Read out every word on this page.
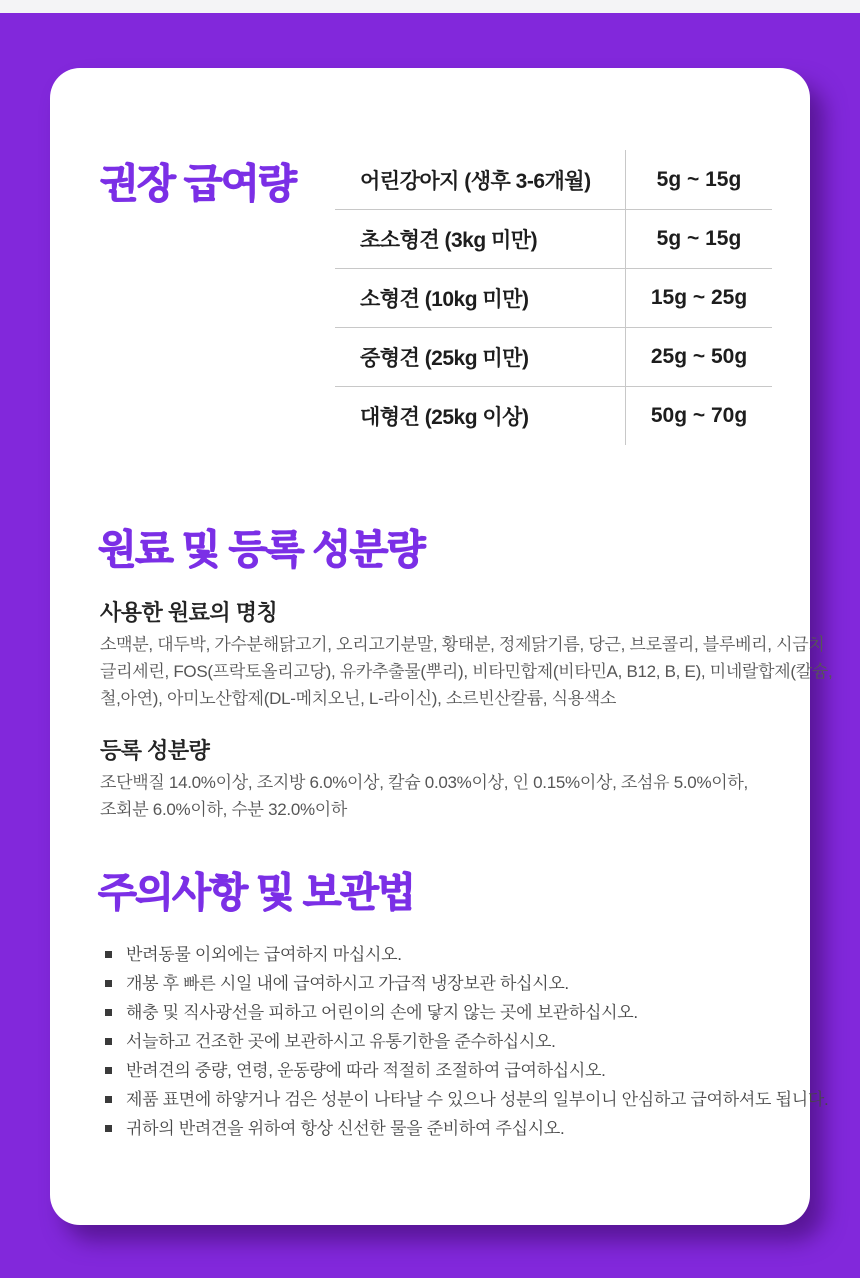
권장 급여량	어린강아지 (생후 3-6개월)	5g ~ 15g
초소형견 (3kg 미만)	5g ~ 15g
소형견 (10kg 미만)	15g ~ 25g
중형견 (25kg 미만)	25g ~ 50g
대형견 (25kg 이상)	50g ~ 70g
원료 및 등록 성분량
사용한 원료의 명칭
소맥분, 대두박, 가수분해닭고기, 오리고기분말, 황태분, 정제닭기름, 당근, 브로콜리, 블루베리, 시금치
글리세린, FOS(프락토올리고당), 유카추출물(뿌리), 비타민합제(비타민A, B12, B, E), 미네랄합제(칼슘,
철,아연), 아미노산합제(DL-메치오닌, L-라이신), 소르빈산칼륨, 식용색소
등록 성분량
조단백질 14.0%이상, 조지방 6.0%이상, 칼슘 0.03%이상, 인 0.15%이상, 조섬유 5.0%이하,
조회분 6.0%이하, 수분 32.0%이하
주의사항 및 보관법
반려동물 이외에는 급여하지 마십시오.
개봉 후 빠른 시일 내에 급여하시고 가급적 냉장보관 하십시오.
해충 및 직사광선을 피하고 어린이의 손에 닿지 않는 곳에 보관하십시오.
서늘하고 건조한 곳에 보관하시고 유통기한을 준수하십시오.
반려견의 중량, 연령, 운동량에 따라 적절히 조절하여 급여하십시오.
제품 표면에 하얗거나 검은 성분이 나타날 수 있으나 성분의 일부이니 안심하고 급여하셔도 됩니다.
귀하의 반려견을 위하여 항상 신선한 물을 준비하여 주십시오.
